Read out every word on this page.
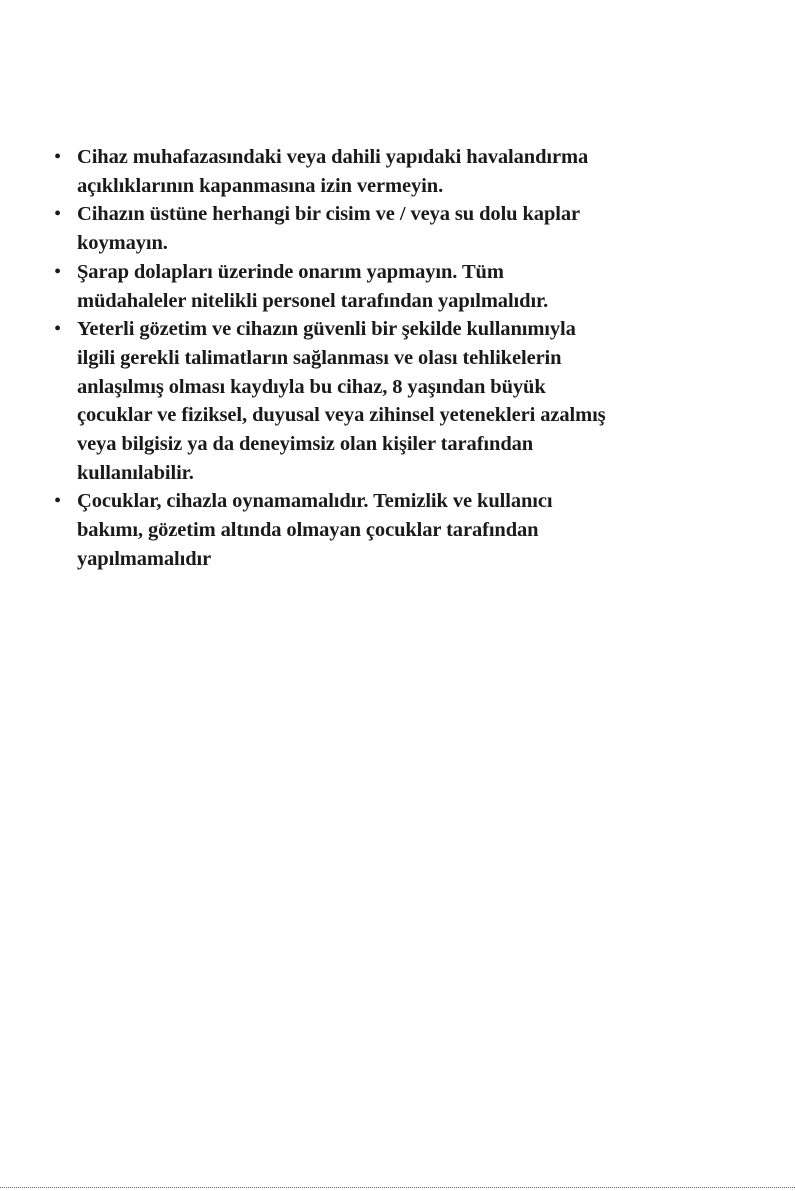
• Cihaz muhafazasındaki veya dahili yapıdaki havalandırma
açıklıklarının kapanmasına izin vermeyin.
• Cihazın üstüne herhangi bir cisim ve / veya su dolu kaplar
koymayın.
• Şarap dolapları üzerinde onarım yapmayın. Tüm
müdahaleler nitelikli personel tarafından yapılmalıdır.
• Yeterli gözetim ve cihazın güvenli bir şekilde kullanımıyla
ilgili gerekli talimatların sağlanması ve olası tehlikelerin
anlaşılmış olması kaydıyla bu cihaz, 8 yaşından büyük
çocuklar ve fiziksel, duyusal veya zihinsel yetenekleri azalmış
veya bilgisiz ya da deneyimsiz olan kişiler tarafından
kullanılabilir.
• Çocuklar, cihazla oynamamalıdır. Temizlik ve kullanıcı
bakımı, gözetim altında olmayan çocuklar tarafından
yapılmamalıdır
